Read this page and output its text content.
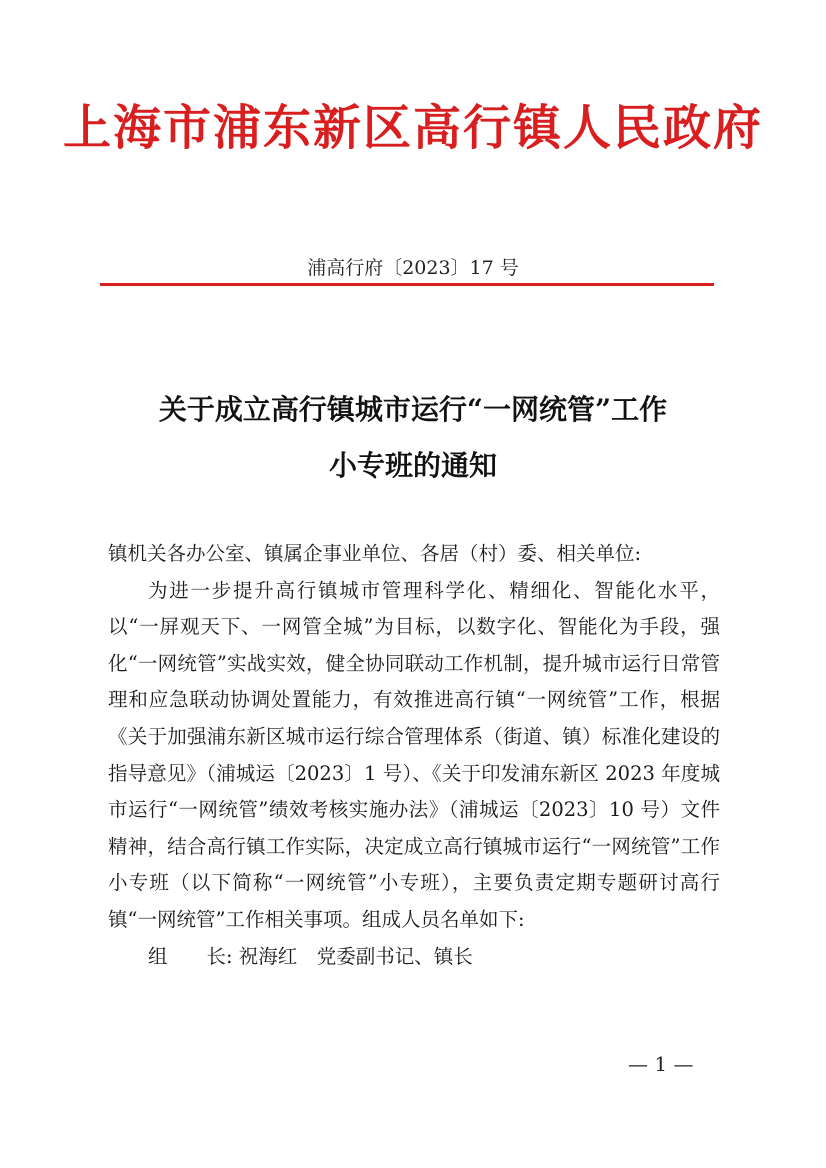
上海市浦东新区高行镇人民政府
浦高行府〔2023〕17 号
关于成立高行镇城市运行“一网统管”工作
小专班的通知

镇机关各办公室、镇属企事业单位、各居（村）委、相关单位:

为进一步提升高行镇城市管理科学化、精细化、智能化水平，以“一屏观天下、一网管全城”为目标，以数字化、智能化为手段，强化“一网统管”实战实效，健全协同联动工作机制，提升城市运行日常管理和应急联动协调处置能力，有效推进高行镇“一网统管”工作，根据《关于加强浦东新区城市运行综合管理体系（街道、镇）标准化建设的指导意见》（浦城运〔2023〕1 号）、《关于印发浦东新区 2023 年度城市运行“一网统管”绩效考核实施办法》（浦城运〔2023〕10 号）文件精神，结合高行镇工作实际，决定成立高行镇城市运行“一网统管”工作小专班（以下简称“一网统管”小专班），主要负责定期专题研讨高行镇“一网统管”工作相关事项。组成人员名单如下:

组　　长: 祝海红　党委副书记、镇长

— 1 —
